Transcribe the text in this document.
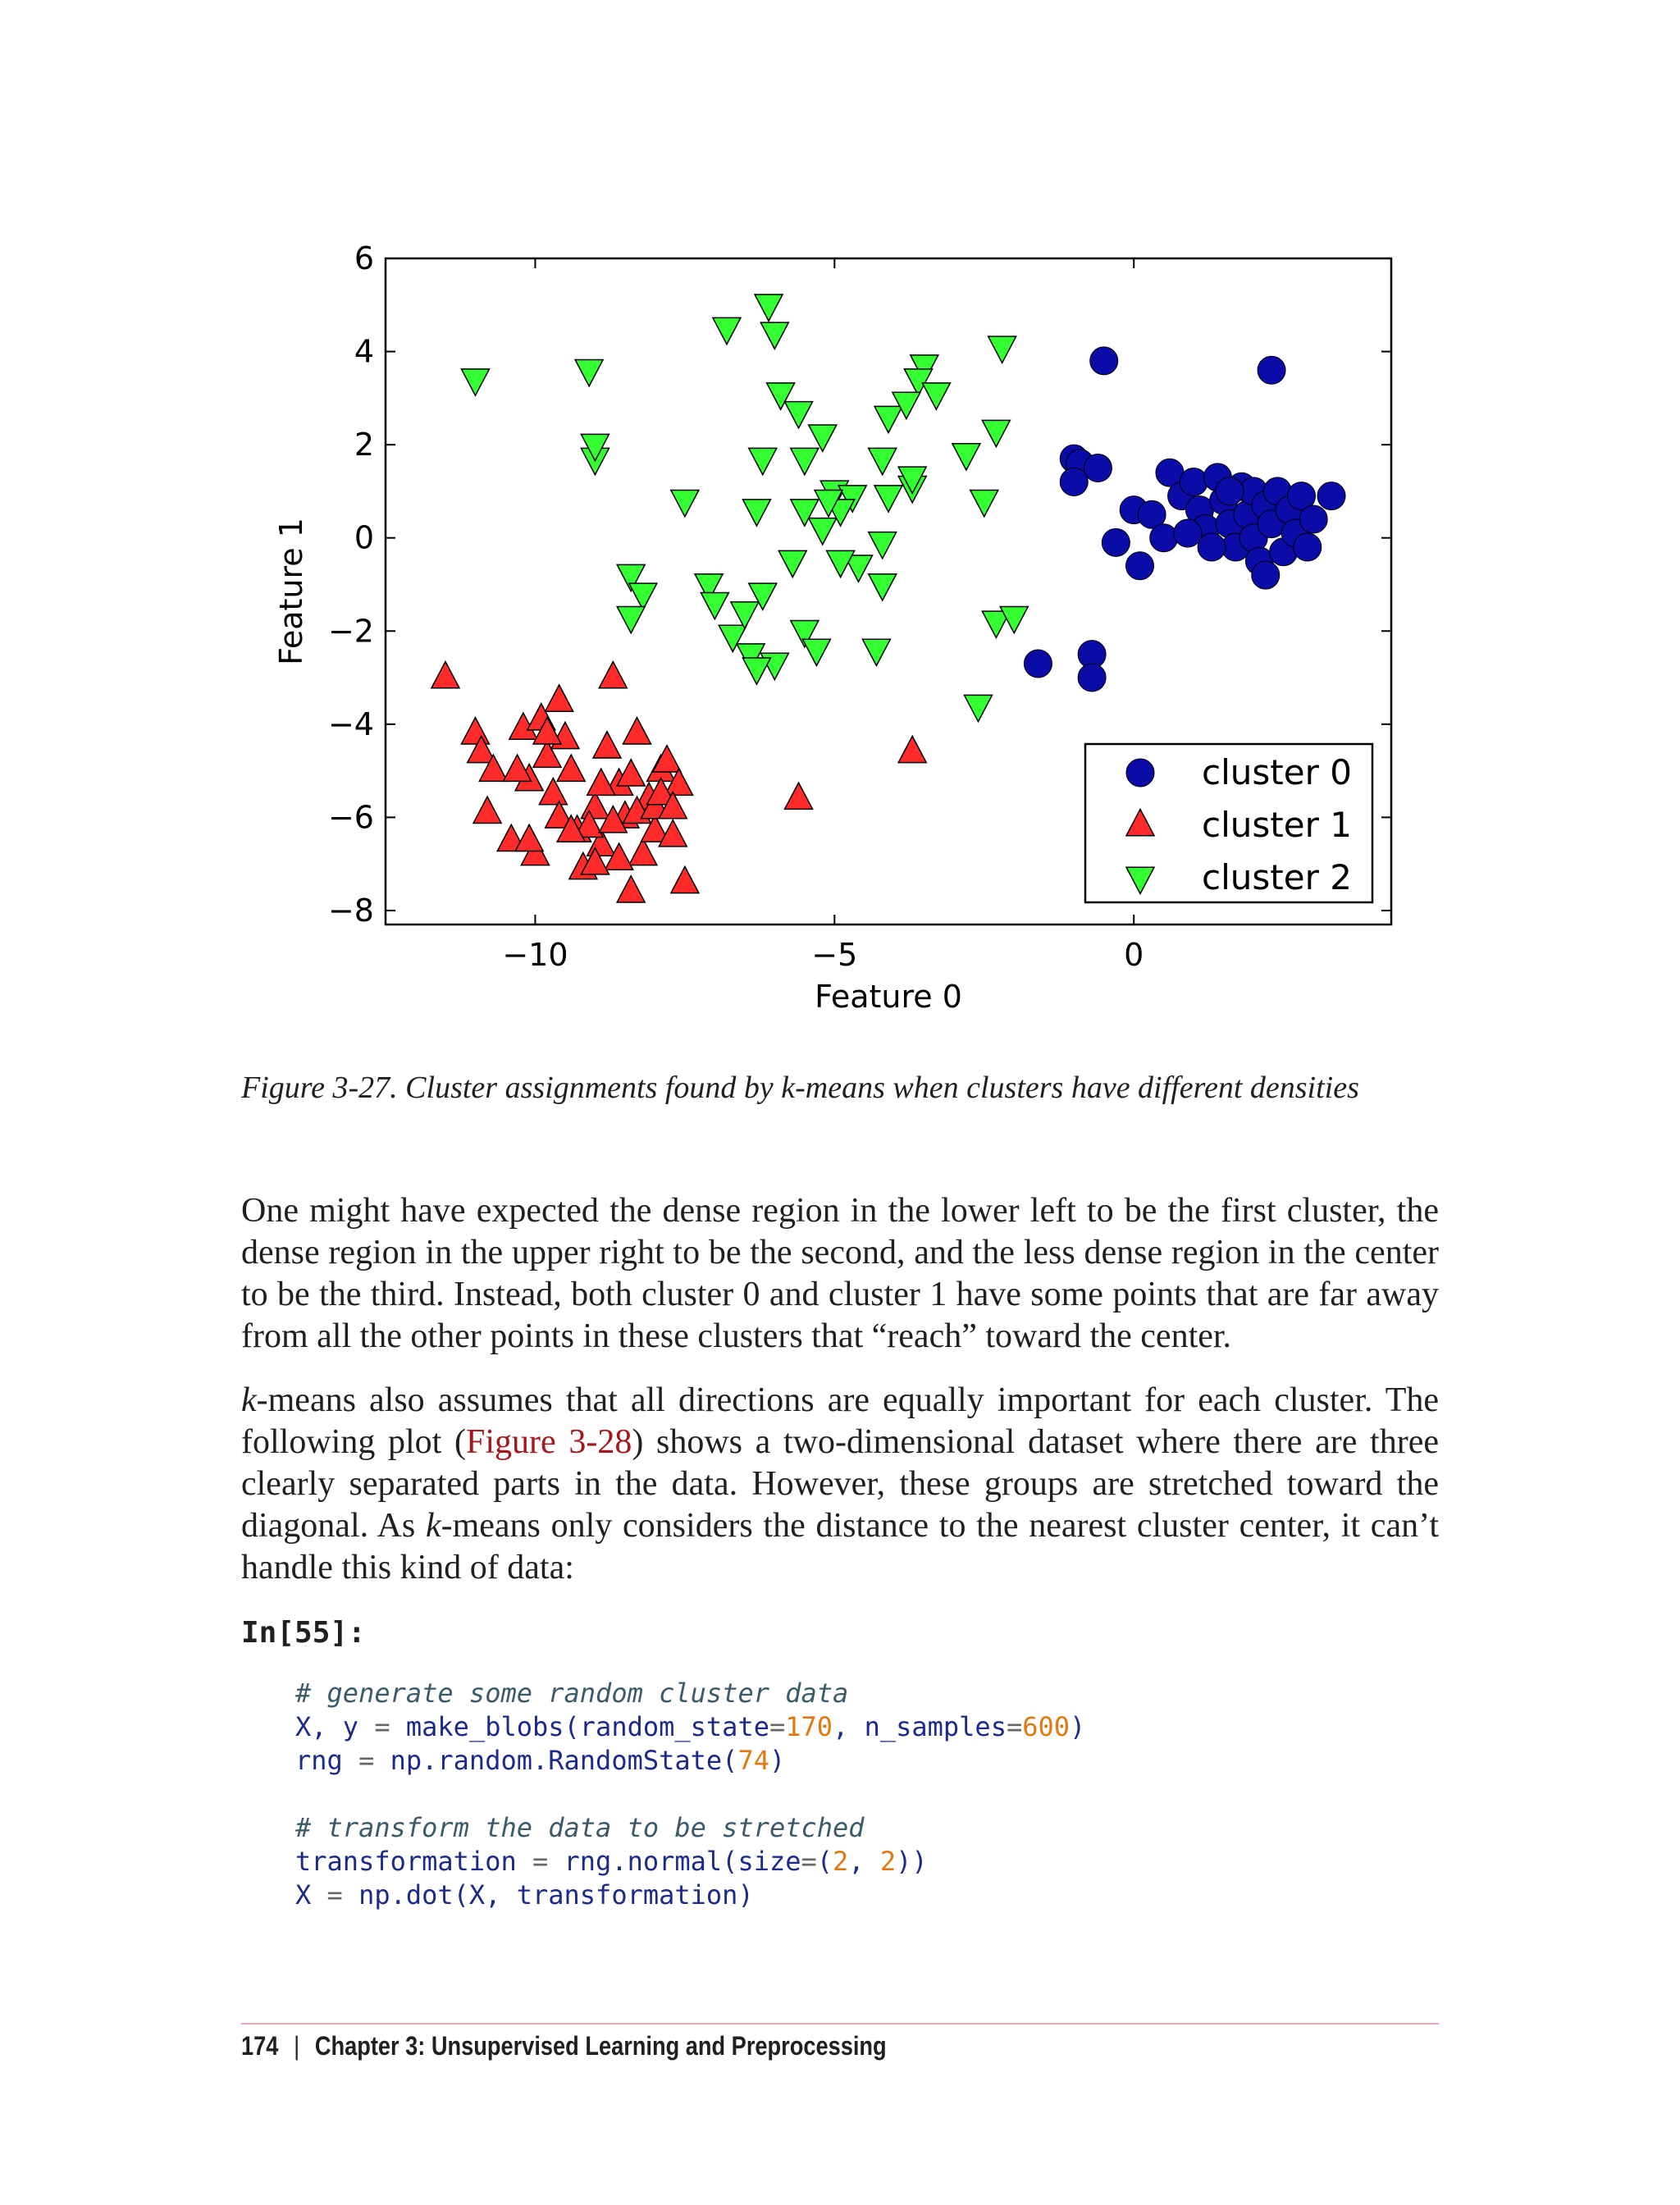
−10	−5	0
−8
−6
−4
−2
0
2
4
6
Feature 0
Feature 1
cluster 0
cluster 1
cluster 2
Figure 3-27. Cluster assignments found by k-means when clusters have different densities
One might have expected the dense region in the lower left to be the first cluster, the dense region in the upper right to be the second, and the less dense region in the center to be the third. Instead, both cluster 0 and cluster 1 have some points that are far away from all the other points in these clusters that “reach” toward the center.
k-means also assumes that all directions are equally important for each cluster. The following plot (Figure 3-28) shows a two-dimensional dataset where there are three clearly separated parts in the data. However, these groups are stretched toward the diagonal. As k-means only considers the distance to the nearest cluster center, it can’t handle this kind of data:
In[55]:
# generate some random cluster data
X, y = make_blobs(random_state=170, n_samples=600)
rng = np.random.RandomState(74)
# transform the data to be stretched
transformation = rng.normal(size=(2, 2))
X = np.dot(X, transformation)
174 | Chapter 3: Unsupervised Learning and Preprocessing
